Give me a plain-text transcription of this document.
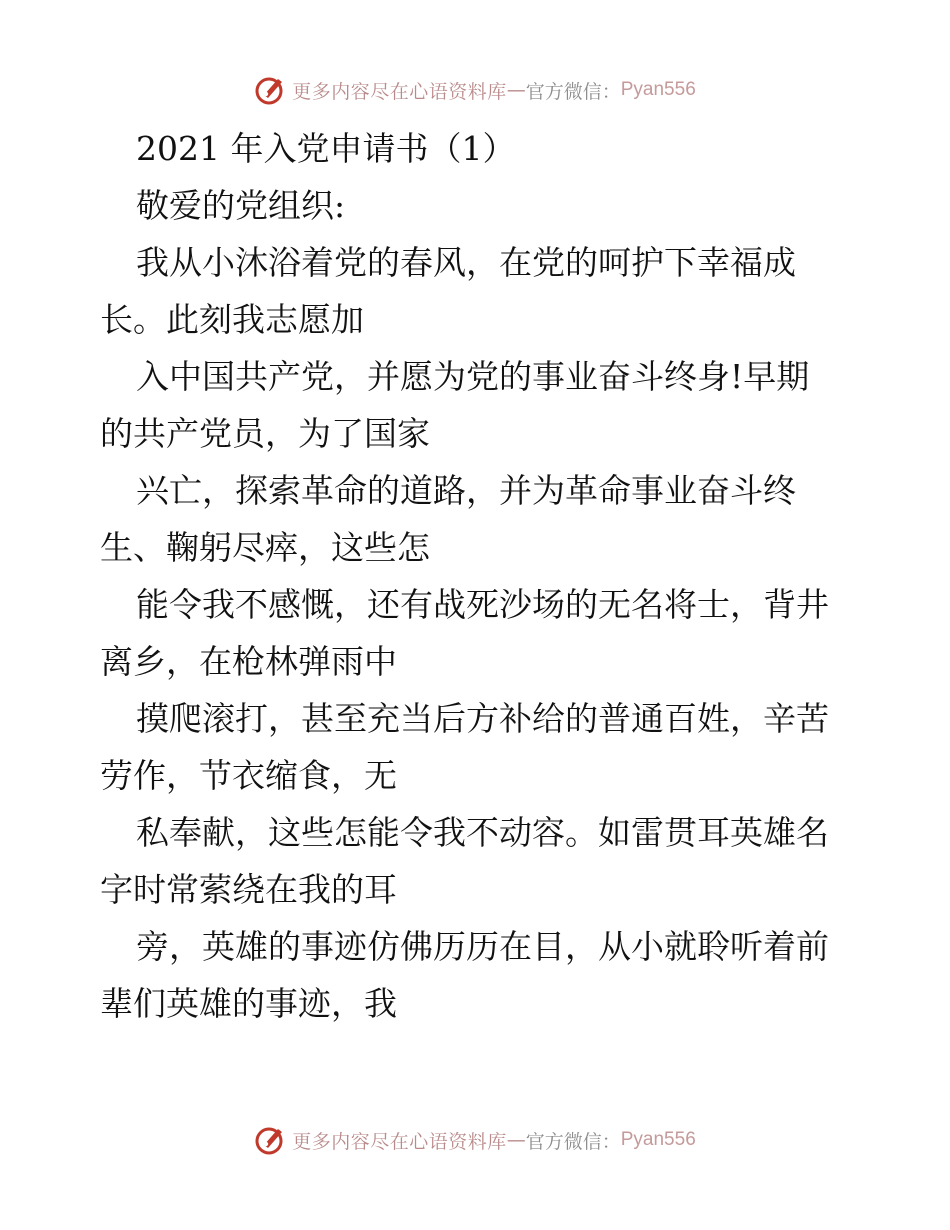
更多内容尽在心语资料库 — 官方微信： Pyan556
2021 年入党申请书（1）
敬爱的党组织:
我从小沐浴着党的春风，在党的呵护下幸福成
长。此刻我志愿加
入中国共产党，并愿为党的事业奋斗终身!早期
的共产党员，为了国家
兴亡，探索革命的道路，并为革命事业奋斗终
生、鞠躬尽瘁，这些怎
能令我不感慨，还有战死沙场的无名将士，背井
离乡，在枪林弹雨中
摸爬滚打，甚至充当后方补给的普通百姓，辛苦
劳作，节衣缩食，无
私奉献，这些怎能令我不动容。如雷贯耳英雄名
字时常萦绕在我的耳
旁，英雄的事迹仿佛历历在目，从小就聆听着前
辈们英雄的事迹，我
更多内容尽在心语资料库 — 官方微信： Pyan556
